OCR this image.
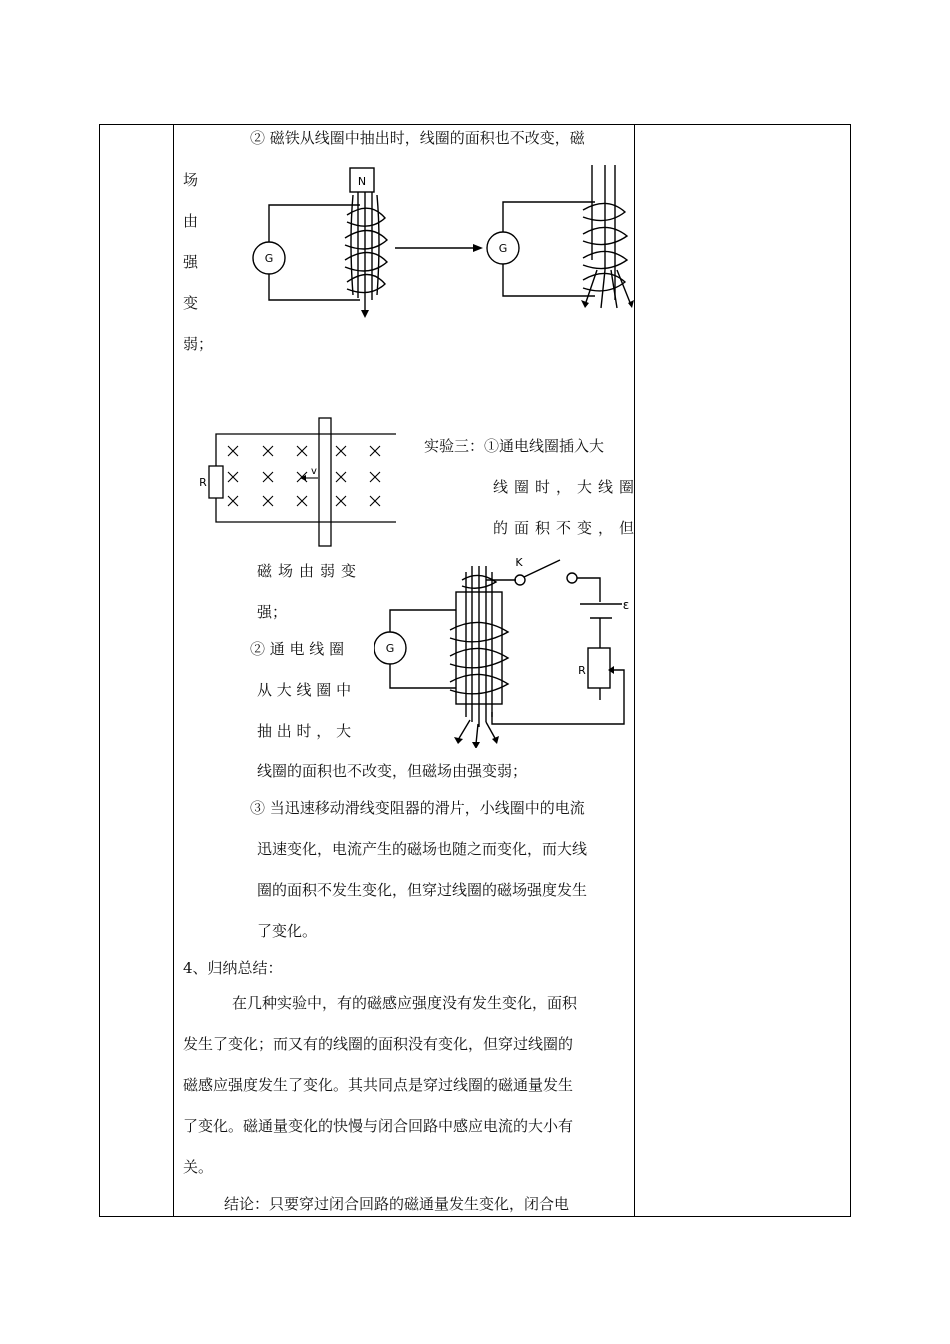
② 磁铁从线圈中抽出时，线圈的面积也不改变，磁
场
由
强
变
弱；
N
G
G
R
v
实验三：①通电线圈插入大
线圈时，大线圈
的面积不变，但
磁场由弱变
强；
② 通 电 线 圈
从 大 线 圈 中
抽 出 时 ， 大
K
ε
R
G
线圈的面积也不改变，但磁场由强变弱；
③ 当迅速移动滑线变阻器的滑片，小线圈中的电流
迅速变化，电流产生的磁场也随之而变化，而大线
圈的面积不发生变化，但穿过线圈的磁场强度发生
了变化。
4、归纳总结：
在几种实验中，有的磁感应强度没有发生变化，面积
发生了变化；而又有的线圈的面积没有变化，但穿过线圈的
磁感应强度发生了变化。其共同点是穿过线圈的磁通量发生
了变化。磁通量变化的快慢与闭合回路中感应电流的大小有
关。
结论：只要穿过闭合回路的磁通量发生变化，闭合电
